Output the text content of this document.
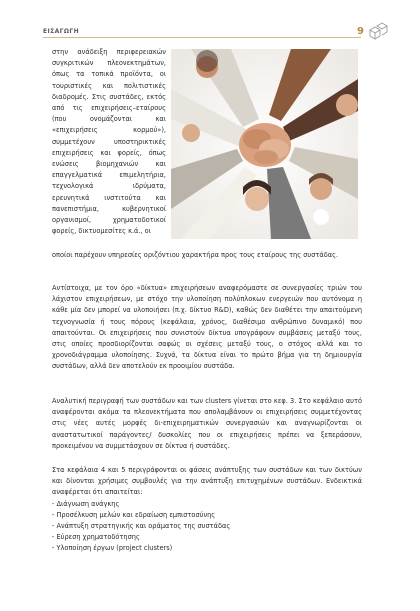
ΕΙΣΑΓΩΓΗ	9

στην ανάδειξη περιφερειακών συγκριτικών πλεονεκτημάτων, όπως τα τοπικά προϊόντα, οι τουριστικές και πολιτιστικές διαδρομές. Στις συστάδες, εκτός από τις επιχειρήσεις–εταίρους (που ονομάζονται και «επιχειρήσεις κορμού»), συμμετέχουν υποστηρικτικές επιχειρήσεις και φορείς, όπως ενώσεις βιομηχανιών και επαγγελματικά επιμελητήρια, τεχνολογικά ιδρύματα, ερευνητικά ινστιτούτα και πανεπιστήμια, κυβερνητικοί οργανισμοί, χρηματοδοτικοί φορείς, δικτυομεσίτες κ.ά., οι

οποίοι παρέχουν υπηρεσίες οριζόντιου χαρακτήρα προς τους εταίρους της συστάδας.

Αντίστοιχα, με τον όρο «δίκτυα» επιχειρήσεων αναφερόμαστε σε συνεργασίες τριών του λάχιστον επιχειρήσεων, με στόχο την υλοποίηση πολύπλοκων ενεργειών που αυτόνομα η κάθε μία δεν μπορεί να υλοποιήσει (π.χ. δίκτυο R&D), καθώς δεν διαθέτει την απαιτούμενη τεχνογνωσία ή τους πόρους (κεφάλαια, χρόνος, διαθέσιμο ανθρώπινο δυναμικό) που απαιτούνται. Οι επιχειρήσεις που συνιστούν δίκτυα υπογράφουν συμβάσεις μεταξύ τους, στις οποίες προσδιορίζονται σαφώς οι σχέσεις μεταξύ τους, ο στόχος αλλά και το χρονοδιάγραμμα υλοποίησης. Συχνά, τα δίκτυα είναι το πρώτο βήμα για τη δημιουργία συστάδων, αλλά δεν αποτελούν εκ προοιμίου συστάδα.

Αναλυτική περιγραφή των συστάδων και των clusters γίνεται στο κεφ. 3. Στο κεφάλαιο αυτό αναφέρονται ακόμα τα πλεονεκτήματα που απολαμβάνουν οι επιχειρήσεις συμμετέχοντας στις νέες αυτές μορφές δι-επιχειρηματικών συνεργασιών και αναγνωρίζονται οι αναστατωτικοί παράγοντες/ δυσκολίες που οι επιχειρήσεις πρέπει να ξεπεράσουν, προκειμένου να συμμετάσχουν σε δίκτυα ή συστάδες.

Στα κεφάλαια 4 και 5 περιγράφονται οι φάσεις ανάπτυξης των συστάδων και των δικτύων και δίνονται χρήσιμες συμβουλές για την ανάπτυξη επιτυχημένων συστάδων. Ενδεικτικά αναφέρεται ότι απαιτείται:

- Διάγνωση ανάγκης
- Προσέλκυση μελών και εδραίωση εμπιστοσύνης
- Ανάπτυξη στρατηγικής και οράματος της συστάδας
- Εύρεση χρηματοδότησης
- Υλοποίηση έργων (project clusters)
